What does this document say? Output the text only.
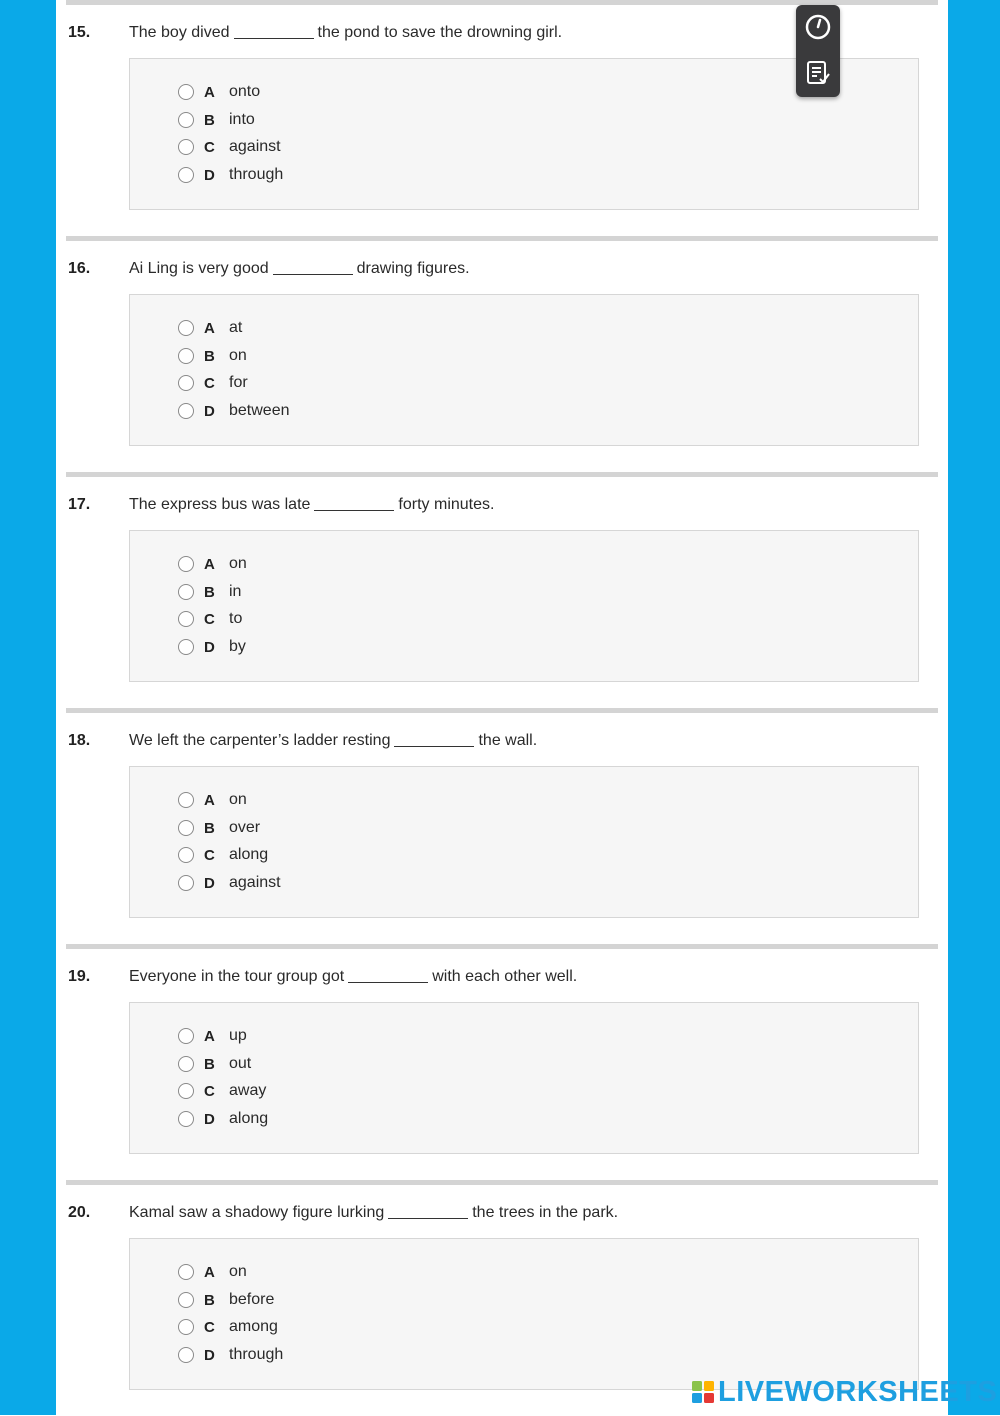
15. The boy dived	the pond to save the drowning girl.
A onto
B into
C against
D through
16. Ai Ling is very good	drawing figures.
A at
B on
C for
D between
17. The express bus was late	forty minutes.
A on
B in
C to
D by
18. We left the carpenter’s ladder resting	the wall.
A on
B over
C along
D against
19. Everyone in the tour group got	with each other well.
A up
B out
C away
D along
20. Kamal saw a shadowy figure lurking	the trees in the park.
A on
B before
C among
D through
LIVEWORKSHEETS
